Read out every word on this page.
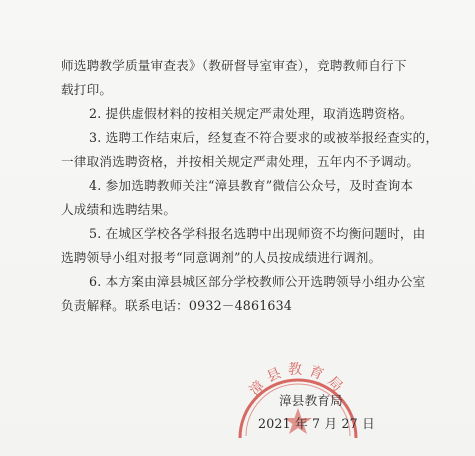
师选聘教学质量审查表》（教研督导室审查），竞聘教师自行下
载打印。
2. 提供虚假材料的按相关规定严肃处理，取消选聘资格。
3. 选聘工作结束后，经复查不符合要求的或被举报经查实的，
一律取消选聘资格，并按相关规定严肃处理，五年内不予调动。
4. 参加选聘教师关注“漳县教育”微信公众号，及时查询本
人成绩和选聘结果。
5. 在城区学校各学科报名选聘中出现师资不均衡问题时，由
选聘领导小组对报考“同意调剂”的人员按成绩进行调剂。
6. 本方案由漳县城区部分学校教师公开选聘领导小组办公室
负责解释。联系电话：0932－4861634
漳县教育局
漳县教育局
2021 年 7 月 27 日
